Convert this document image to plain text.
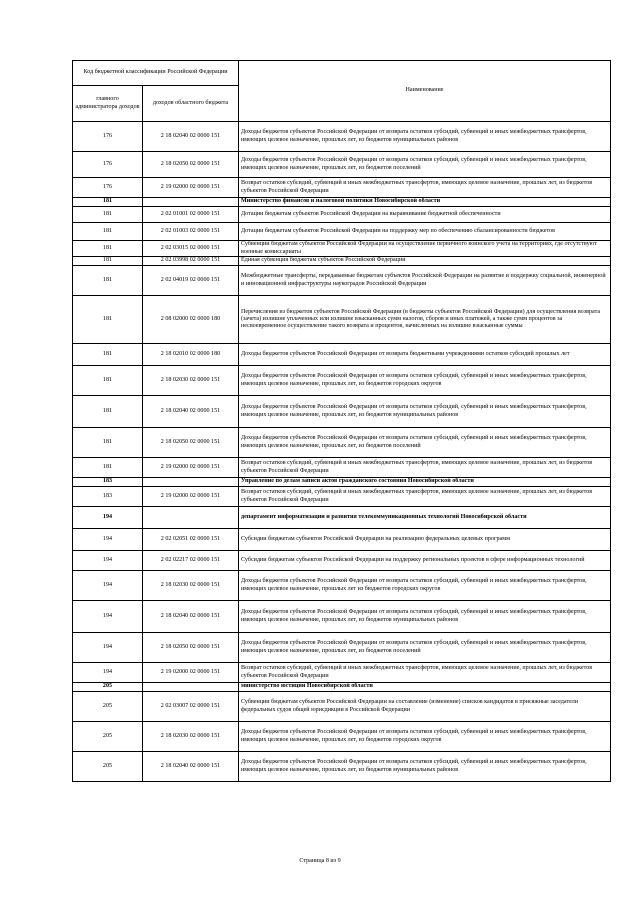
Код бюджетной классификации Российской Федерации		Наименование
главного администратора доходов	доходов областного бюджета	
176	2 18 02040 02 0000 151	Доходы бюджетов субъектов Российской Федерации от возврата остатков субсидий, субвенций и иных межбюджетных трансфертов, имеющих целевое назначение, прошлых лет, из бюджетов муниципальных районов
176	2 18 02050 02 0000 151	Доходы бюджетов субъектов Российской Федерации от возврата остатков субсидий, субвенций и иных межбюджетных трансфертов, имеющих целевое назначение, прошлых лет, из бюджетов поселений
176	2 19 02000 02 0000 151	Возврат остатков субсидий, субвенций и иных межбюджетных трансфертов, имеющих целевое назначение, прошлых лет, из бюджетов субъектов Российской Федерации
181		Министерство финансов и налоговой политики Новосибирской области
181	2 02 01001 02 0000 151	Дотации бюджетам субъектов Российской Федерации на выравнивание бюджетной обеспеченности
181	2 02 01003 02 0000 151	Дотации бюджетам субъектов Российской Федерации на поддержку мер по обеспечению сбалансированности бюджетов
181	2 02 03015 02 0000 151	Субвенции бюджетам субъектов Российской Федерации на осуществление первичного воинского учета на территориях, где отсутствуют военные комиссариаты
181	2 02 03998 02 0000 151	Единая субвенция бюджетам субъектов Российской Федерации
181	2 02 04019 02 0000 151	Межбюджетные трансферты, передаваемые бюджетам субъектов Российской Федерации на развитие и поддержку социальной, инженерной и инновационной инфраструктуры наукоградов Российской Федерации
181	2 08 02000 02 0000 180	Перечисления из бюджетов субъектов Российской Федерации (в бюджеты субъектов Российской Федерации) для осуществления возврата (зачета) излишне уплаченных или излишне взысканных сумм налогов, сборов и иных платежей, а также сумм процентов за несвоевременное осуществление такого возврата и процентов, начисленных на излишне взысканные суммы
181	2 18 02010 02 0000 180	Доходы бюджетов субъектов Российской Федерации от возврата бюджетными учреждениями остатков субсидий прошлых лет
181	2 18 02030 02 0000 151	Доходы бюджетов субъектов Российской Федерации от возврата остатков субсидий, субвенций и иных межбюджетных трансфертов, имеющих целевое назначение, прошлых лет, из бюджетов городских округов
181	2 18 02040 02 0000 151	Доходы бюджетов субъектов Российской Федерации от возврата остатков субсидий, субвенций и иных межбюджетных трансфертов, имеющих целевое назначение, прошлых лет, из бюджетов муниципальных районов
181	2 18 02050 02 0000 151	Доходы бюджетов субъектов Российской Федерации от возврата остатков субсидий, субвенций и иных межбюджетных трансфертов, имеющих целевое назначение, прошлых лет, из бюджетов поселений
181	2 19 02000 02 0000 151	Возврат остатков субсидий, субвенций и иных межбюджетных трансфертов, имеющих целевое назначение, прошлых лет, из бюджетов субъектов Российской Федерации
183		Управление по делам записи актов гражданского состояния Новосибирской области
183	2 19 02000 02 0000 151	Возврат остатков субсидий, субвенций и иных межбюджетных трансфертов, имеющих целевое назначение, прошлых лет, из бюджетов субъектов Российской Федерации
194		департамент информатизации и развития телекоммуникационных технологий Новосибирской области
194	2 02 02051 02 0000 151	Субсидии бюджетам субъектов Российской Федерации на реализацию федеральных целевых программ
194	2 02 02217 02 0000 151	Субсидии бюджетам субъектов Российской Федерации на поддержку региональных проектов в сфере информационных технологий
194	2 18 02030 02 0000 151	Доходы бюджетов субъектов Российской Федерации от возврата остатков субсидий, субвенций и иных межбюджетных трансфертов, имеющих целевое назначение, прошлых лет из бюджетов городских округов
194	2 18 02040 02 0000 151	Доходы бюджетов субъектов Российской Федерации от возврата остатков субсидий, субвенций и иных межбюджетных трансфертов, имеющих целевое назначение, прошлых лет, из бюджетов муниципальных районов
194	2 18 02050 02 0000 151	Доходы бюджетов субъектов Российской Федерации от возврата остатков субсидий, субвенций и иных межбюджетных трансфертов, имеющих целевое назначение, прошлых лет, из бюджетов поселений
194	2 19 02000 02 0000 151	Возврат остатков субсидий, субвенций и иных межбюджетных трансфертов, имеющих целевое назначение, прошлых лет, из бюджетов субъектов Российской Федерации
205		министерство юстиции Новосибирской области
205	2 02 03007 02 0000 151	Субвенции бюджетам субъектов Российской Федерации на составление (изменение) списков кандидатов в присяжные заседатели федеральных судов общей юрисдикции в Российской Федерации
205	2 18 02030 02 0000 151	Доходы бюджетов субъектов Российской Федерации от возврата остатков субсидий, субвенций и иных межбюджетных трансфертов, имеющих целевое назначение, прошлых лет, из бюджетов городских округов
205	2 18 02040 02 0000 151	Доходы бюджетов субъектов Российской Федерации от возврата остатков субсидий, субвенций и иных межбюджетных трансфертов, имеющих целевое назначение, прошлых лет, из бюджетов муниципальных районов
Страница 8 из 9
